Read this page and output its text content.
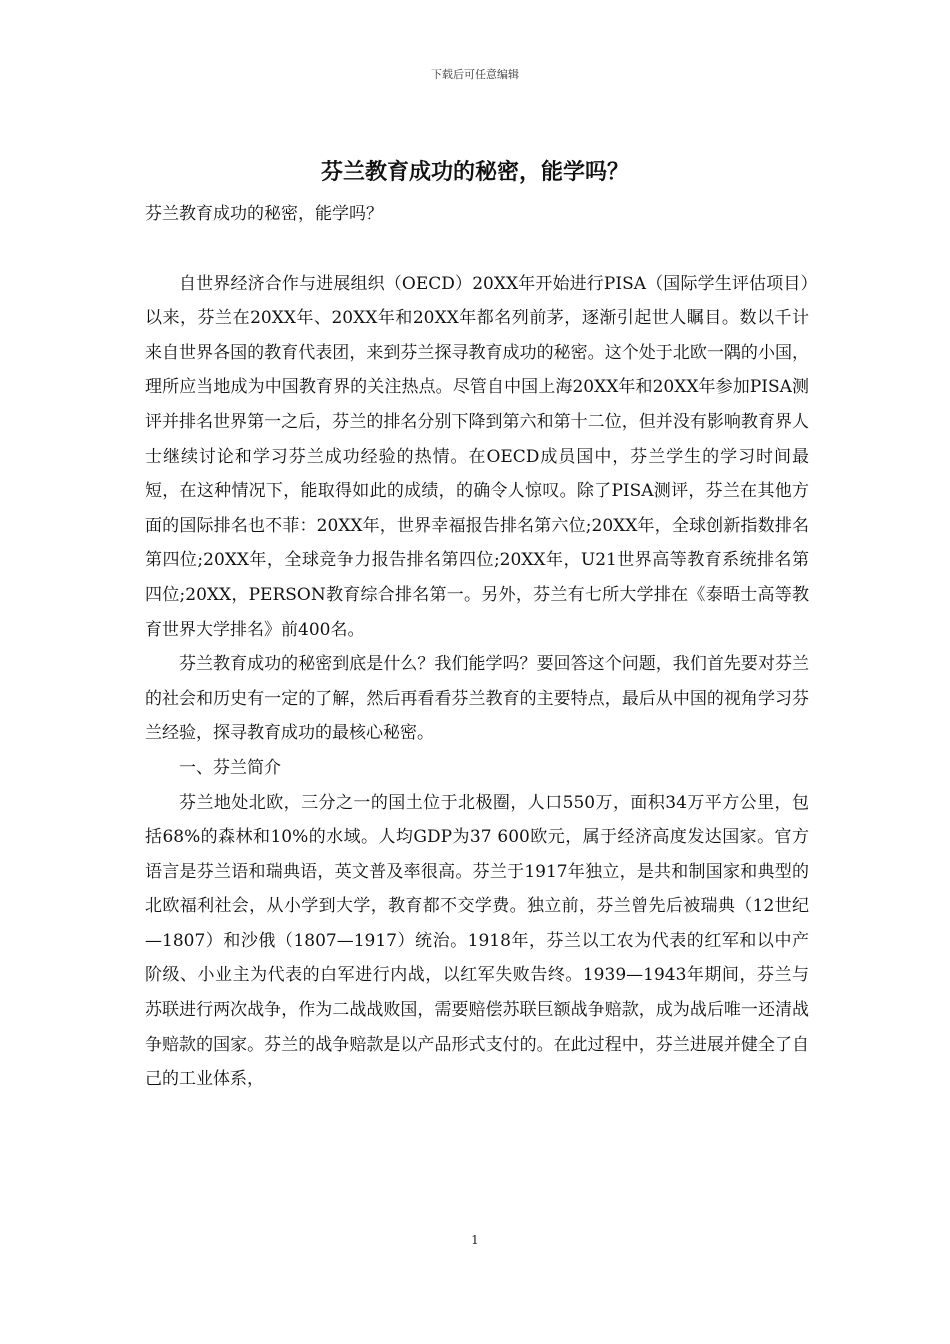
下载后可任意编辑
芬兰教育成功的秘密，能学吗？

芬兰教育成功的秘密，能学吗？

自世界经济合作与进展组织（OECD）20XX年开始进行PISA（国际学生评估项目）以来，芬兰在20XX年、20XX年和20XX年都名列前茅，逐渐引起世人瞩目。数以千计来自世界各国的教育代表团，来到芬兰探寻教育成功的秘密。这个处于北欧一隅的小国，理所应当地成为中国教育界的关注热点。尽管自中国上海20XX年和20XX年参加PISA测评并排名世界第一之后，芬兰的排名分别下降到第六和第十二位，但并没有影响教育界人士继续讨论和学习芬兰成功经验的热情。在OECD成员国中，芬兰学生的学习时间最短，在这种情况下，能取得如此的成绩，的确令人惊叹。除了PISA测评，芬兰在其他方面的国际排名也不菲：20XX年，世界幸福报告排名第六位;20XX年，全球创新指数排名第四位;20XX年，全球竞争力报告排名第四位;20XX年，U21世界高等教育系统排名第四位;20XX，PERSON教育综合排名第一。另外，芬兰有七所大学排在《泰晤士高等教育世界大学排名》前400名。

芬兰教育成功的秘密到底是什么？我们能学吗？要回答这个问题，我们首先要对芬兰的社会和历史有一定的了解，然后再看看芬兰教育的主要特点，最后从中国的视角学习芬兰经验，探寻教育成功的最核心秘密。

一、芬兰简介

芬兰地处北欧，三分之一的国土位于北极圈，人口550万，面积34万平方公里，包括68%的森林和10%的水域。人均GDP为37 600欧元，属于经济高度发达国家。官方语言是芬兰语和瑞典语，英文普及率很高。芬兰于1917年独立，是共和制国家和典型的北欧福利社会，从小学到大学，教育都不交学费。独立前，芬兰曾先后被瑞典（12世纪—1807）和沙俄（1807—1917）统治。1918年，芬兰以工农为代表的红军和以中产阶级、小业主为代表的白军进行内战，以红军失败告终。1939—1943年期间，芬兰与苏联进行两次战争，作为二战战败国，需要赔偿苏联巨额战争赔款，成为战后唯一还清战争赔款的国家。芬兰的战争赔款是以产品形式支付的。在此过程中，芬兰进展并健全了自己的工业体系，

1
